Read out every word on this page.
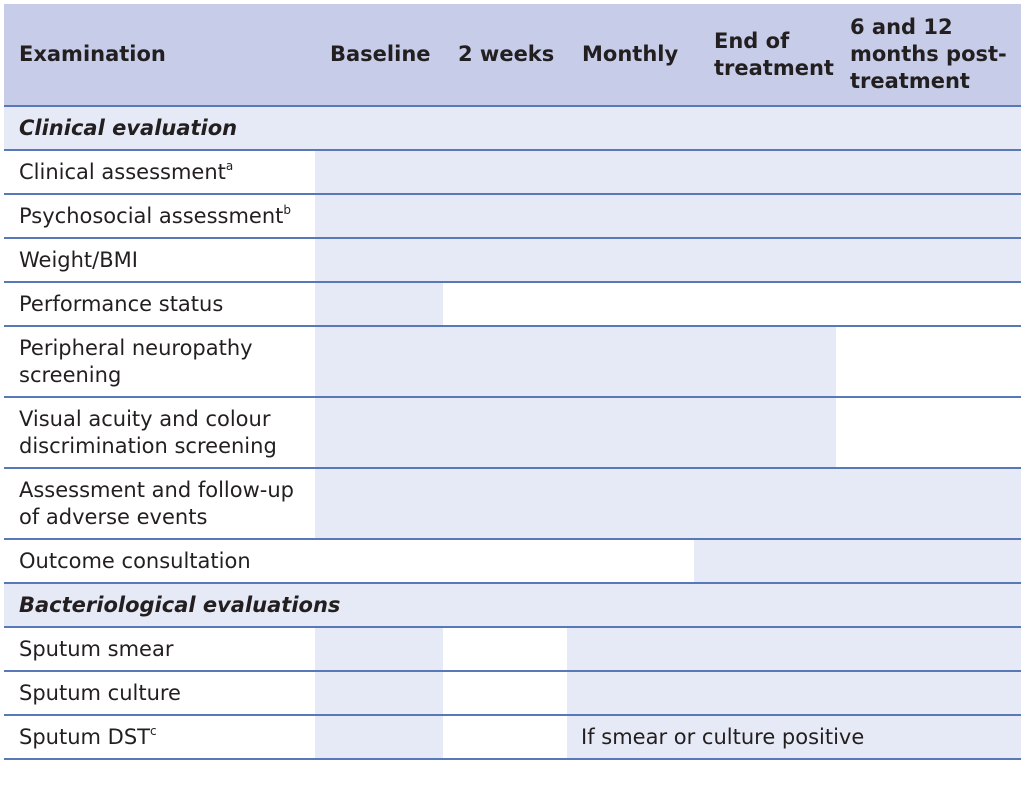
Examination	Baseline	2 weeks	Monthly	End of treatment	6 and 12 months post-treatment
Clinical evaluation					
Clinical assessment$^a$	
Psychosocial assessment$^b$	
Weight/BMI					
Performance status					
Peripheral neuropathy screening					
Visual acuity and colour discrimination screening					
Assessment and follow-up of adverse events					
Outcome consultation					
Bacteriological evaluations					
Sputum smear					
Sputum culture					
Sputum DST$^c$			If smear or culture positive		
